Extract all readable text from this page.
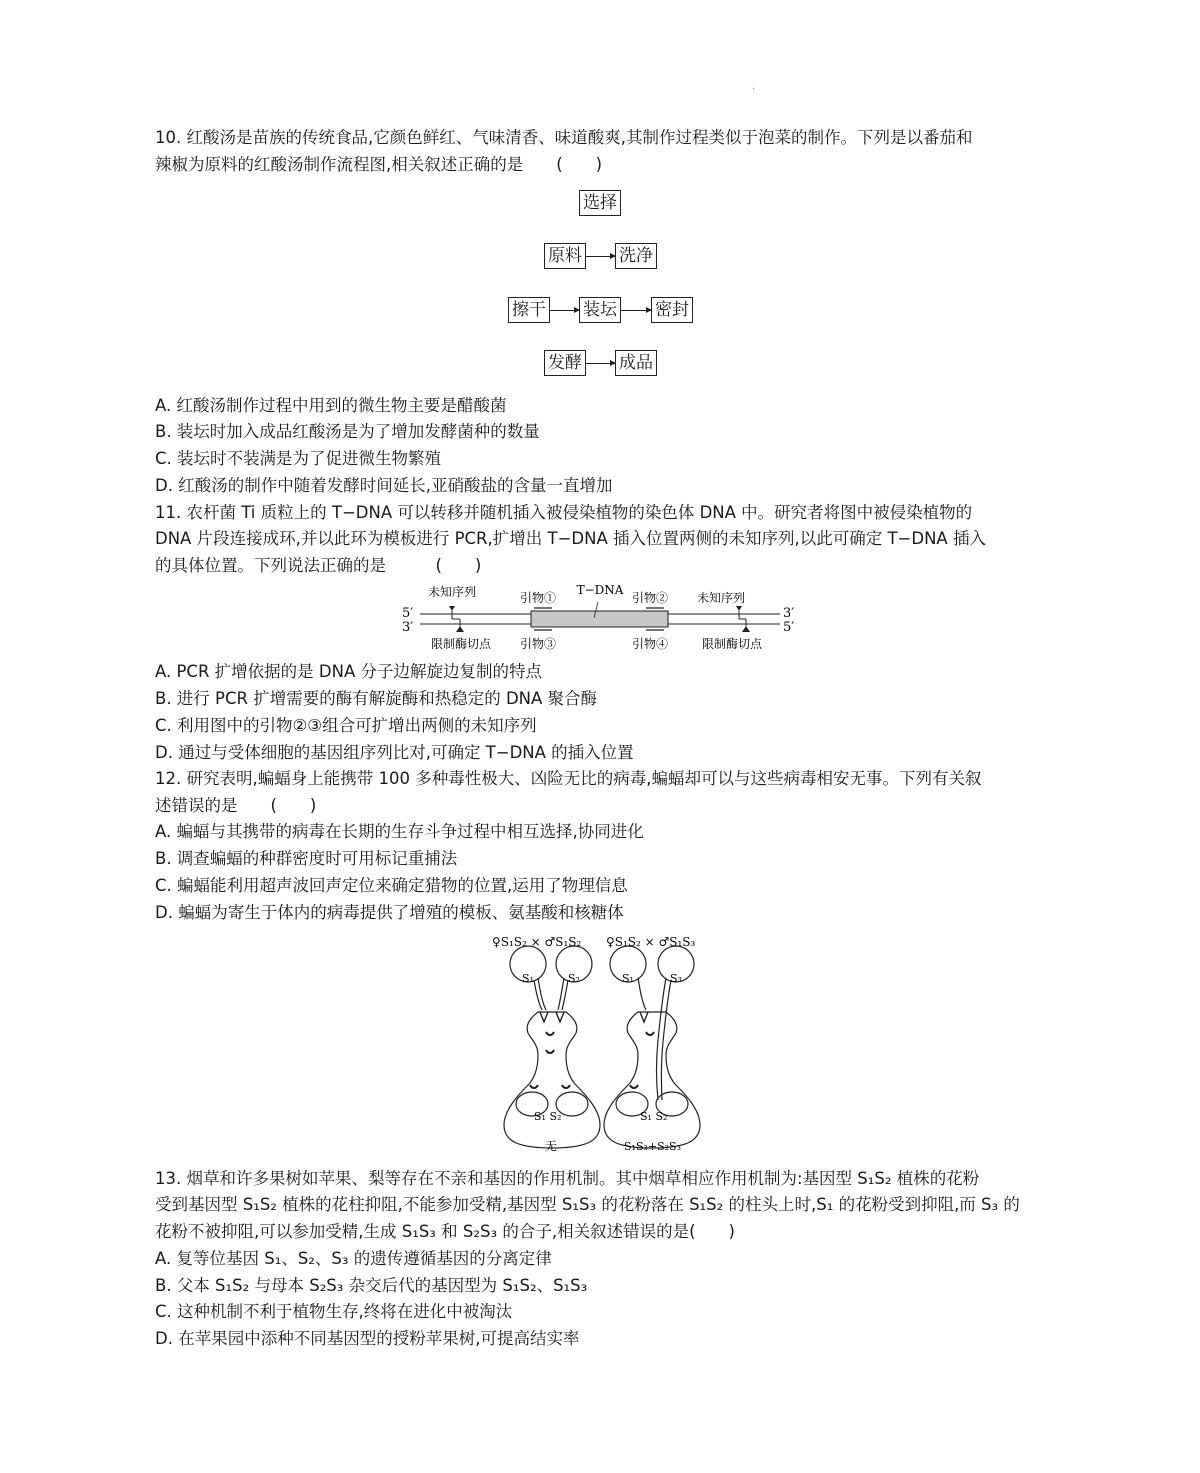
·
10. 红酸汤是苗族的传统食品,它颜色鲜红、气味清香、味道酸爽,其制作过程类似于泡菜的制作。下列是以番茄和
辣椒为原料的红酸汤制作流程图,相关叙述正确的是　　(　　)
选择
原料 洗净
擦干 装坛 密封
发酵 成品
A. 红酸汤制作过程中用到的微生物主要是醋酸菌
B. 装坛时加入成品红酸汤是为了增加发酵菌种的数量
C. 装坛时不装满是为了促进微生物繁殖
D. 红酸汤的制作中随着发酵时间延长,亚硝酸盐的含量一直增加
11. 农杆菌 Ti 质粒上的 T−DNA 可以转移并随机插入被侵染植物的染色体 DNA 中。研究者将图中被侵染植物的
DNA 片段连接成环,并以此环为模板进行 PCR,扩增出 T−DNA 插入位置两侧的未知序列,以此可确定 T−DNA 插入
的具体位置。下列说法正确的是　　　(　　)
T−DNA
5′
3′
3′
5′
未知序列	未知序列
引物①	引物②
引物③	引物④
限制酶切点	限制酶切点
A. PCR 扩增依据的是 DNA 分子边解旋边复制的特点
B. 进行 PCR 扩增需要的酶有解旋酶和热稳定的 DNA 聚合酶
C. 利用图中的引物②③组合可扩增出两侧的未知序列
D. 通过与受体细胞的基因组序列比对,可确定 T−DNA 的插入位置
12. 研究表明,蝙蝠身上能携带 100 多种毒性极大、凶险无比的病毒,蝙蝠却可以与这些病毒相安无事。下列有关叙
述错误的是　　(　　)
A. 蝙蝠与其携带的病毒在长期的生存斗争过程中相互选择,协同进化
B. 调查蝙蝠的种群密度时可用标记重捕法
C. 蝙蝠能利用超声波回声定位来确定猎物的位置,运用了物理信息
D. 蝙蝠为寄生于体内的病毒提供了增殖的模板、氨基酸和核糖体
♀S₁S₂ × ♂S₁S₂ ♀S₁S₂ × ♂S₁S₃
S₁	S₂	S₁	S₃
S₁ S₂	S₁ S₂
无	S₁S₃+S₂S₃
13. 烟草和许多果树如苹果、梨等存在不亲和基因的作用机制。其中烟草相应作用机制为:基因型 S₁S₂ 植株的花粉
受到基因型 S₁S₂ 植株的花柱抑阻,不能参加受精,基因型 S₁S₃ 的花粉落在 S₁S₂ 的柱头上时,S₁ 的花粉受到抑阻,而 S₃ 的
花粉不被抑阻,可以参加受精,生成 S₁S₃ 和 S₂S₃ 的合子,相关叙述错误的是(　　)
A. 复等位基因 S₁、S₂、S₃ 的遗传遵循基因的分离定律
B. 父本 S₁S₂ 与母本 S₂S₃ 杂交后代的基因型为 S₁S₂、S₁S₃
C. 这种机制不利于植物生存,终将在进化中被淘汰
D. 在苹果园中添种不同基因型的授粉苹果树,可提高结实率
